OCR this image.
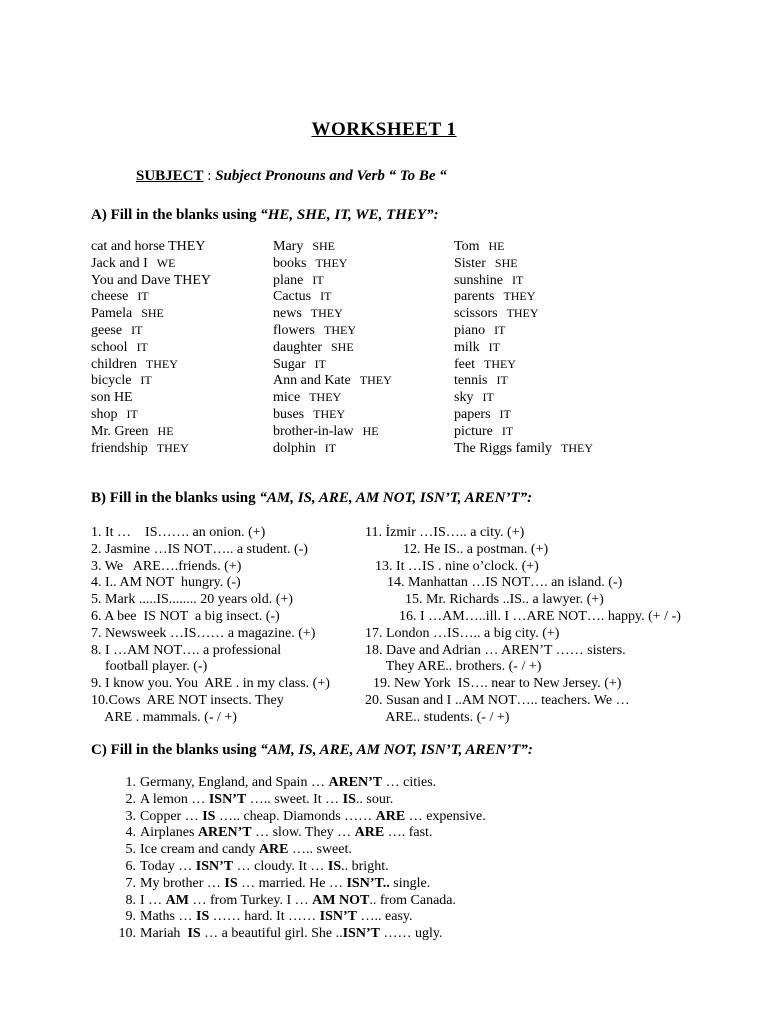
WORKSHEET 1
SUBJECT : Subject Pronouns and Verb “ To Be “
A) Fill in the blanks using “HE, SHE, IT, WE, THEY”:
cat and horse THEY	Mary SHE	Tom HE
Jack and I WE	books THEY	Sister SHE
You and Dave THEY	plane IT	sunshine IT
cheese IT	Cactus IT	parents THEY
Pamela SHE	news THEY	scissors THEY
geese IT	flowers THEY	piano IT
school IT	daughter SHE	milk IT
children THEY	Sugar IT	feet THEY
bicycle IT	Ann and Kate THEY	tennis IT
son HE	mice THEY	sky IT
shop IT	buses THEY	papers IT
Mr. Green HE	brother-in-law HE	picture IT
friendship THEY	dolphin IT	The Riggs family THEY
B) Fill in the blanks using “AM, IS, ARE, AM NOT, ISN’T, AREN’T”:
1. It …    IS……. an onion. (+)
2. Jasmine …IS NOT….. a student. (-)
3. We   ARE….friends. (+)
4. I.. AM NOT  hungry. (-)
5. Mark .....IS........ 20 years old. (+)
6. A bee  IS NOT  a big insect. (-)
7. Newsweek …IS…… a magazine. (+)
8. I …AM NOT…. a professional
football player. (-)
9. I know you. You  ARE . in my class. (+)
10.Cows  ARE NOT insects. They
ARE . mammals. (- / +)
11. İzmir …IS….. a city. (+)
12. He IS.. a postman. (+)
13. It …IS . nine o’clock. (+)
14. Manhattan …IS NOT…. an island. (-)
15. Mr. Richards ..IS.. a lawyer. (+)
16. I …AM…..ill. I …ARE NOT…. happy. (+ / -)
17. London …IS….. a big city. (+)
18. Dave and Adrian … AREN’T …… sisters.
They ARE.. brothers. (- / +)
19. New York  IS…. near to New Jersey. (+)
20. Susan and I ..AM NOT….. teachers. We …
ARE.. students. (- / +)
C) Fill in the blanks using “AM, IS, ARE, AM NOT, ISN’T, AREN’T”:
1. Germany, England, and Spain … AREN’T … cities.
2. A lemon … ISN’T ….. sweet. It … IS.. sour.
3. Copper … IS ….. cheap. Diamonds …… ARE … expensive.
4. Airplanes AREN’T … slow. They … ARE …. fast.
5. Ice cream and candy ARE ….. sweet.
6. Today … ISN’T … cloudy. It … IS.. bright.
7. My brother … IS … married. He … ISN’T.. single.
8. I … AM … from Turkey. I … AM NOT.. from Canada.
9. Maths … IS …… hard. It …… ISN’T ….. easy.
10. Mariah  IS … a beautiful girl. She ..ISN’T …… ugly.
